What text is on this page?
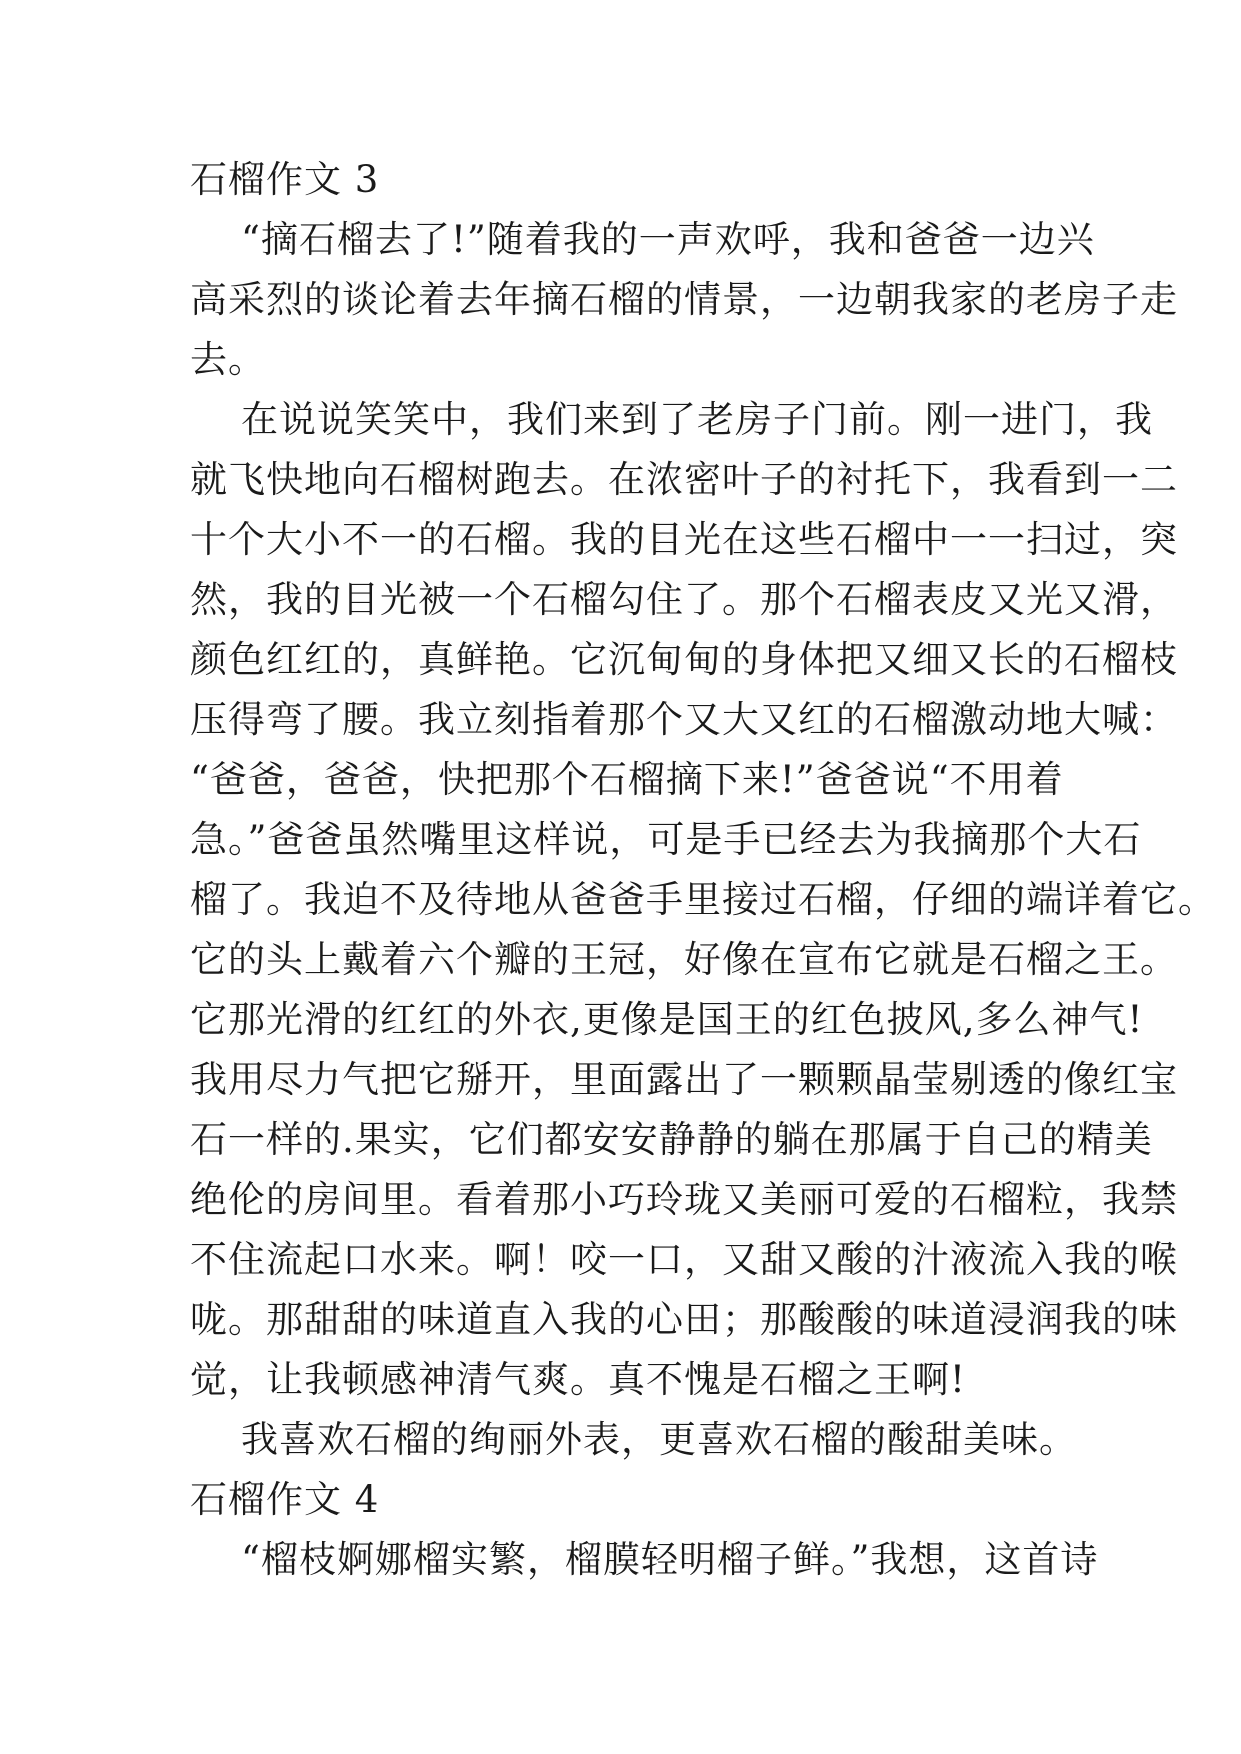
石榴作文 3
“摘石榴去了!”随着我的一声欢呼，我和爸爸一边兴
高采烈的谈论着去年摘石榴的情景，一边朝我家的老房子走
去。
在说说笑笑中，我们来到了老房子门前。刚一进门，我
就飞快地向石榴树跑去。在浓密叶子的衬托下，我看到一二
十个大小不一的石榴。我的目光在这些石榴中一一扫过，突
然，我的目光被一个石榴勾住了。那个石榴表皮又光又滑，
颜色红红的，真鲜艳。它沉甸甸的身体把又细又长的石榴枝
压得弯了腰。我立刻指着那个又大又红的石榴激动地大喊：
“爸爸，爸爸，快把那个石榴摘下来!”爸爸说“不用着
急。”爸爸虽然嘴里这样说，可是手已经去为我摘那个大石
榴了。我迫不及待地从爸爸手里接过石榴，仔细的端详着它。
它的头上戴着六个瓣的王冠，好像在宣布它就是石榴之王。
它那光滑的红红的外衣,更像是国王的红色披风,多么神气!
我用尽力气把它掰开，里面露出了一颗颗晶莹剔透的像红宝
石一样的.果实，它们都安安静静的躺在那属于自己的精美
绝伦的房间里。看着那小巧玲珑又美丽可爱的石榴粒，我禁
不住流起口水来。啊！咬一口，又甜又酸的汁液流入我的喉
咙。那甜甜的味道直入我的心田；那酸酸的味道浸润我的味
觉，让我顿感神清气爽。真不愧是石榴之王啊!
我喜欢石榴的绚丽外表，更喜欢石榴的酸甜美味。
石榴作文 4
“榴枝婀娜榴实繁，榴膜轻明榴子鲜。”我想，这首诗
